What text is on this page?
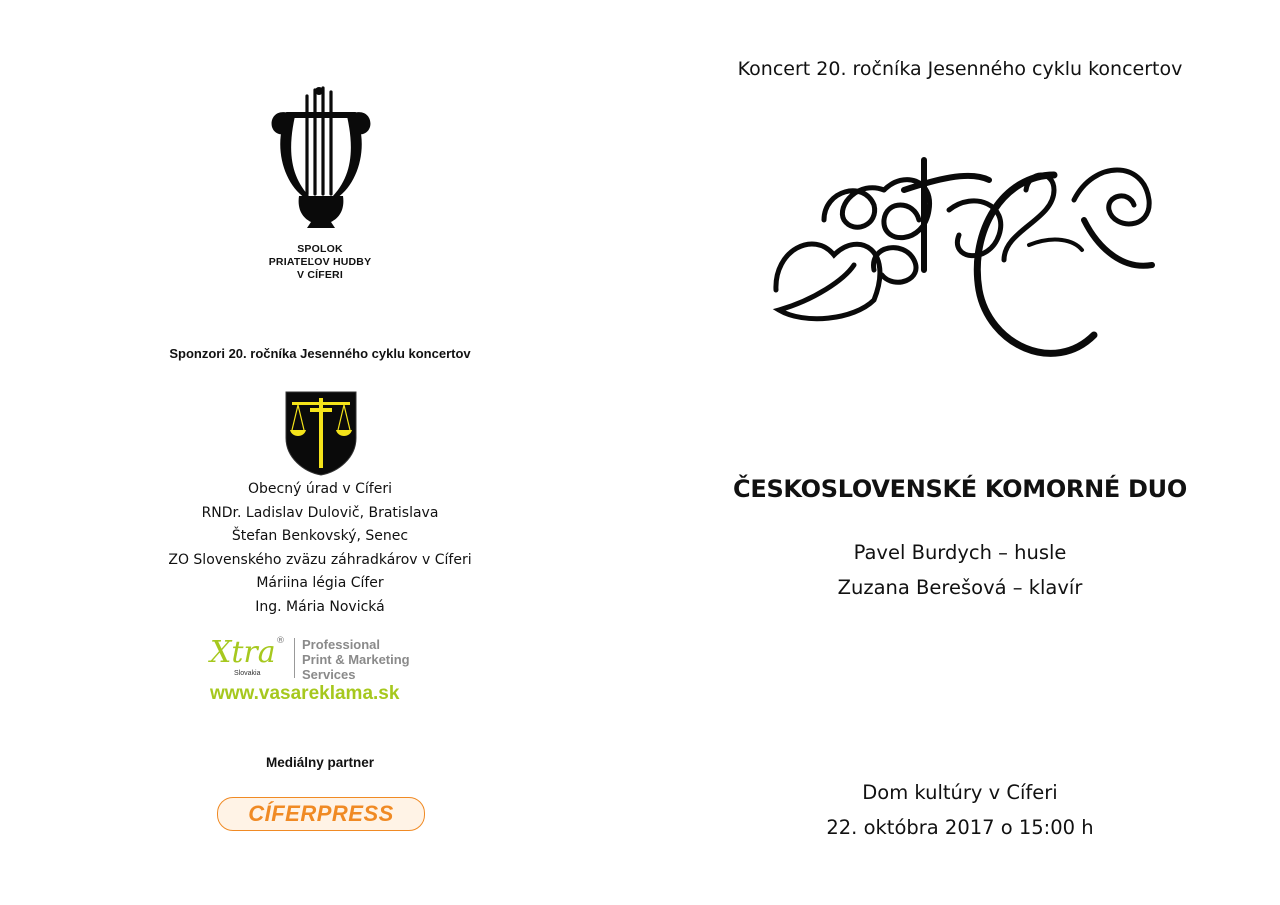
SPOLOK
PRIATEĽOV HUDBY
V CÍFERI
Sponzori 20. ročníka Jesenného cyklu koncertov
Obecný úrad v Cíferi
RNDr. Ladislav Dulovič, Bratislava
Štefan Benkovský, Senec
ZO Slovenského zväzu záhradkárov v Cíferi
Máriina légia Cífer
Ing. Mária Novická
Xtra ®
Slovakia
Professional
Print & Marketing
Services
www.vasareklama.sk
Mediálny partner
CÍFERPRESS
Koncert 20. ročníka Jesenného cyklu koncertov
ČESKOSLOVENSKÉ KOMORNÉ DUO
Pavel Burdych – husle
Zuzana Berešová – klavír
Dom kultúry v Cíferi
22. októbra 2017 o 15:00 h
